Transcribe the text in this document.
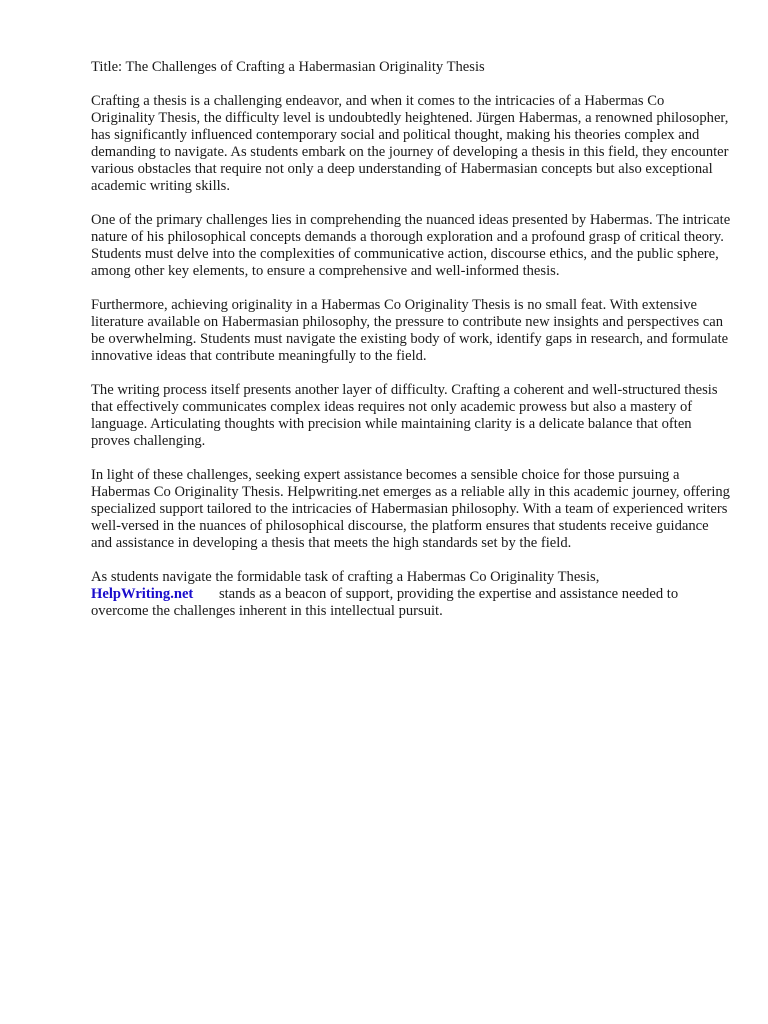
Title: The Challenges of Crafting a Habermasian Originality Thesis

Crafting a thesis is a challenging endeavor, and when it comes to the intricacies of a Habermas Co Originality Thesis, the difficulty level is undoubtedly heightened. Jürgen Habermas, a renowned philosopher, has significantly influenced contemporary social and political thought, making his theories complex and demanding to navigate. As students embark on the journey of developing a thesis in this field, they encounter various obstacles that require not only a deep understanding of Habermasian concepts but also exceptional academic writing skills.

One of the primary challenges lies in comprehending the nuanced ideas presented by Habermas. The intricate nature of his philosophical concepts demands a thorough exploration and a profound grasp of critical theory. Students must delve into the complexities of communicative action, discourse ethics, and the public sphere, among other key elements, to ensure a comprehensive and well-informed thesis.

Furthermore, achieving originality in a Habermas Co Originality Thesis is no small feat. With extensive literature available on Habermasian philosophy, the pressure to contribute new insights and perspectives can be overwhelming. Students must navigate the existing body of work, identify gaps in research, and formulate innovative ideas that contribute meaningfully to the field.

The writing process itself presents another layer of difficulty. Crafting a coherent and well-structured thesis that effectively communicates complex ideas requires not only academic prowess but also a mastery of language. Articulating thoughts with precision while maintaining clarity is a delicate balance that often proves challenging.

In light of these challenges, seeking expert assistance becomes a sensible choice for those pursuing a Habermas Co Originality Thesis. Helpwriting.net emerges as a reliable ally in this academic journey, offering specialized support tailored to the intricacies of Habermasian philosophy. With a team of experienced writers well-versed in the nuances of philosophical discourse, the platform ensures that students receive guidance and assistance in developing a thesis that meets the high standards set by the field.

As students navigate the formidable task of crafting a Habermas Co Originality Thesis,
HelpWriting.net stands as a beacon of support, providing the expertise and assistance needed to overcome the challenges inherent in this intellectual pursuit.
